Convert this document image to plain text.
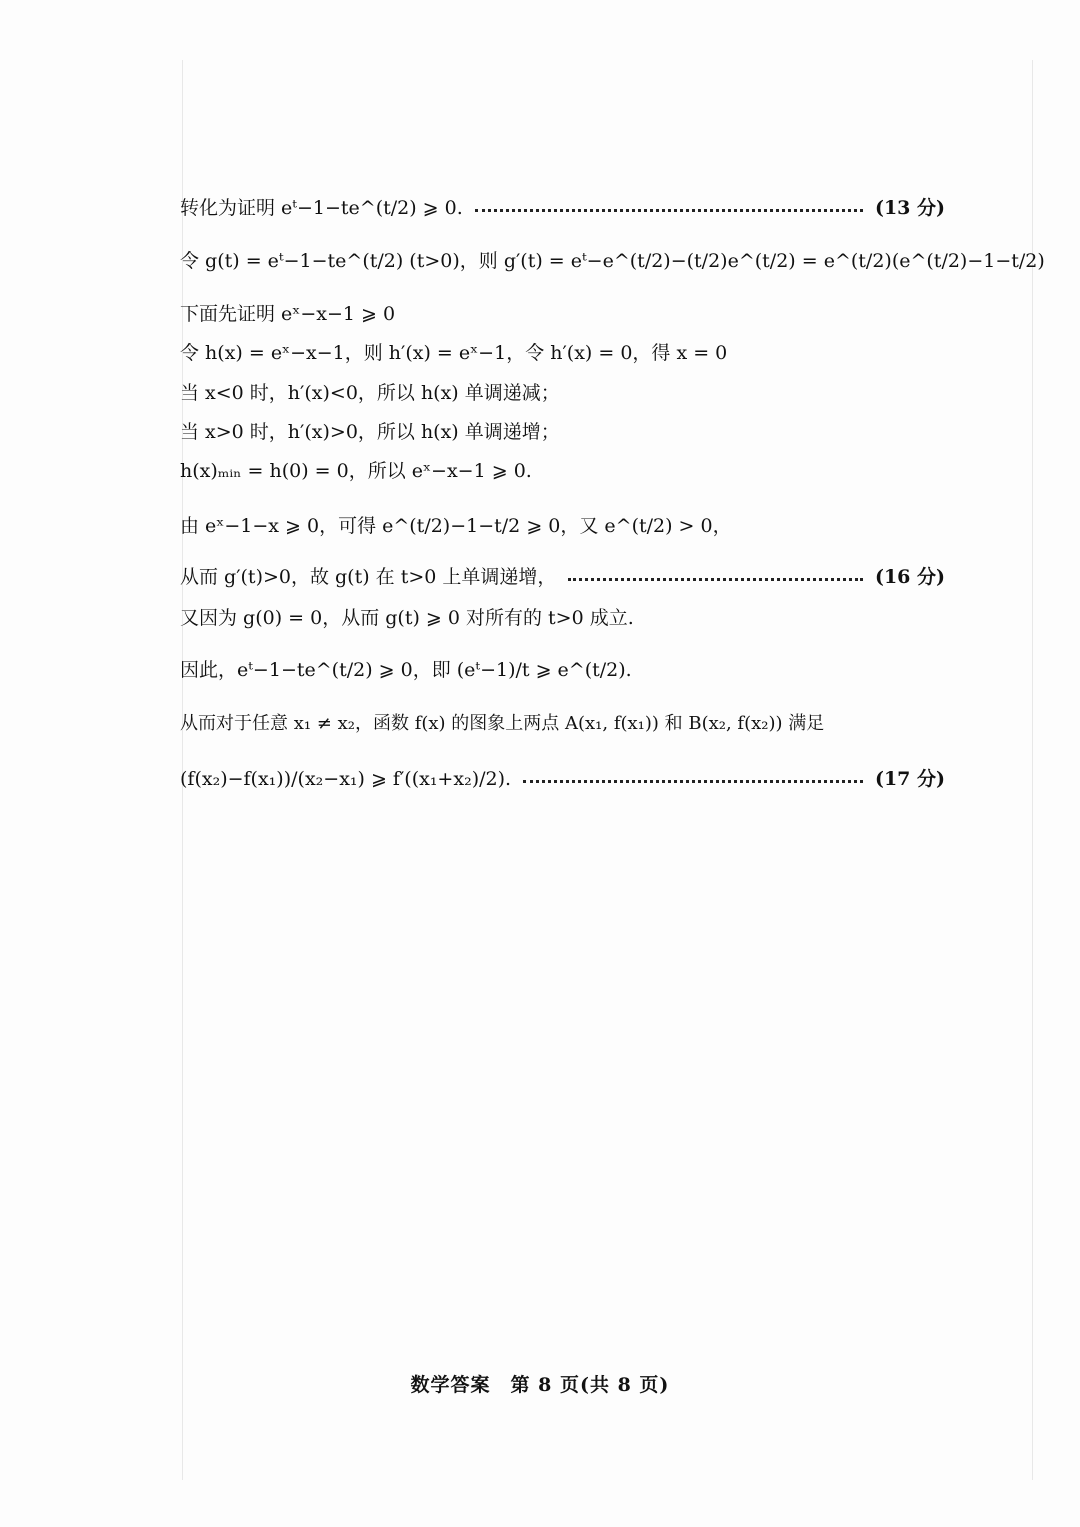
转化为证明 eᵗ−1−te^(t/2) ⩾ 0.	(13 分)
令 g(t) = eᵗ−1−te^(t/2) (t>0)，则 g′(t) = eᵗ−e^(t/2)−(t/2)e^(t/2) = e^(t/2)(e^(t/2)−1−t/2)
下面先证明 eˣ−x−1 ⩾ 0
令 h(x) = eˣ−x−1，则 h′(x) = eˣ−1，令 h′(x) = 0，得 x = 0
当 x<0 时，h′(x)<0，所以 h(x) 单调递减；
当 x>0 时，h′(x)>0，所以 h(x) 单调递增；
h(x)ₘᵢₙ = h(0) = 0，所以 eˣ−x−1 ⩾ 0.
由 eˣ−1−x ⩾ 0，可得 e^(t/2)−1−t/2 ⩾ 0，又 e^(t/2) > 0，
从而 g′(t)>0，故 g(t) 在 t>0 上单调递增，	(16 分)
又因为 g(0) = 0，从而 g(t) ⩾ 0 对所有的 t>0 成立.
因此，eᵗ−1−te^(t/2) ⩾ 0，即 (eᵗ−1)/t ⩾ e^(t/2).
从而对于任意 x₁ ≠ x₂，函数 f(x) 的图象上两点 A(x₁, f(x₁)) 和 B(x₂, f(x₂)) 满足
(f(x₂)−f(x₁))/(x₂−x₁) ⩾ f′((x₁+x₂)/2).	(17 分)
数学答案　第 8 页(共 8 页)
